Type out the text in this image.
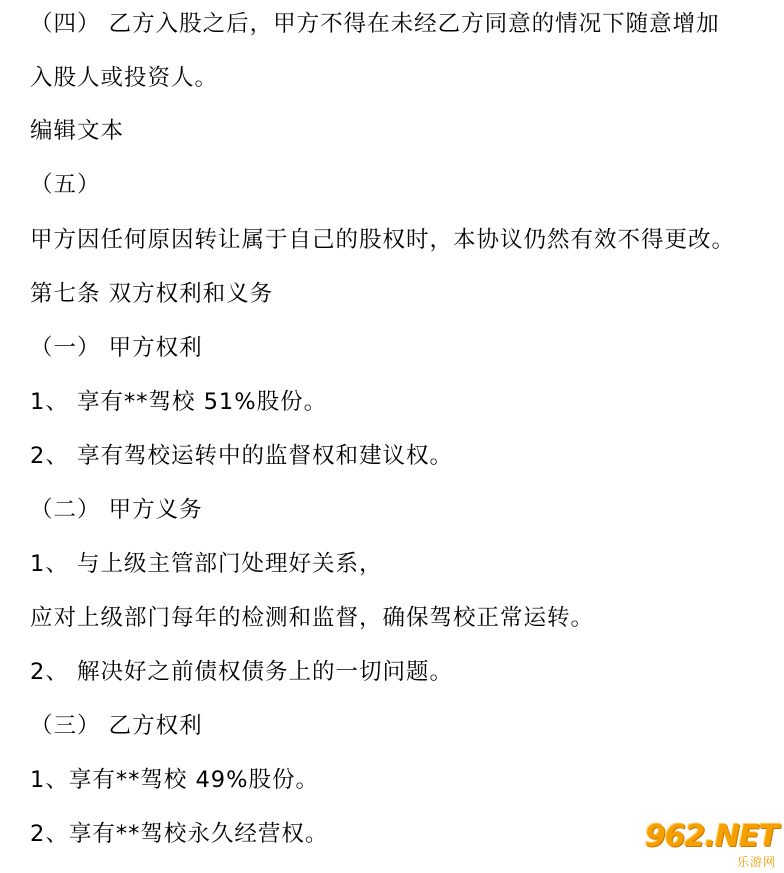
（四） 乙方入股之后，甲方不得在未经乙方同意的情况下随意增加
入股人或投资人。
编辑文本
（五）
甲方因任何原因转让属于自己的股权时，本协议仍然有效不得更改。
第七条 双方权利和义务
（一） 甲方权利
1、 享有**驾校 51%股份。
2、 享有驾校运转中的监督权和建议权。
（二） 甲方义务
1、 与上级主管部门处理好关系，
应对上级部门每年的检测和监督，确保驾校正常运转。
2、 解决好之前债权债务上的一切问题。
（三） 乙方权利
1、享有**驾校 49%股份。
2、享有**驾校永久经营权。	962.NET
乐游网
